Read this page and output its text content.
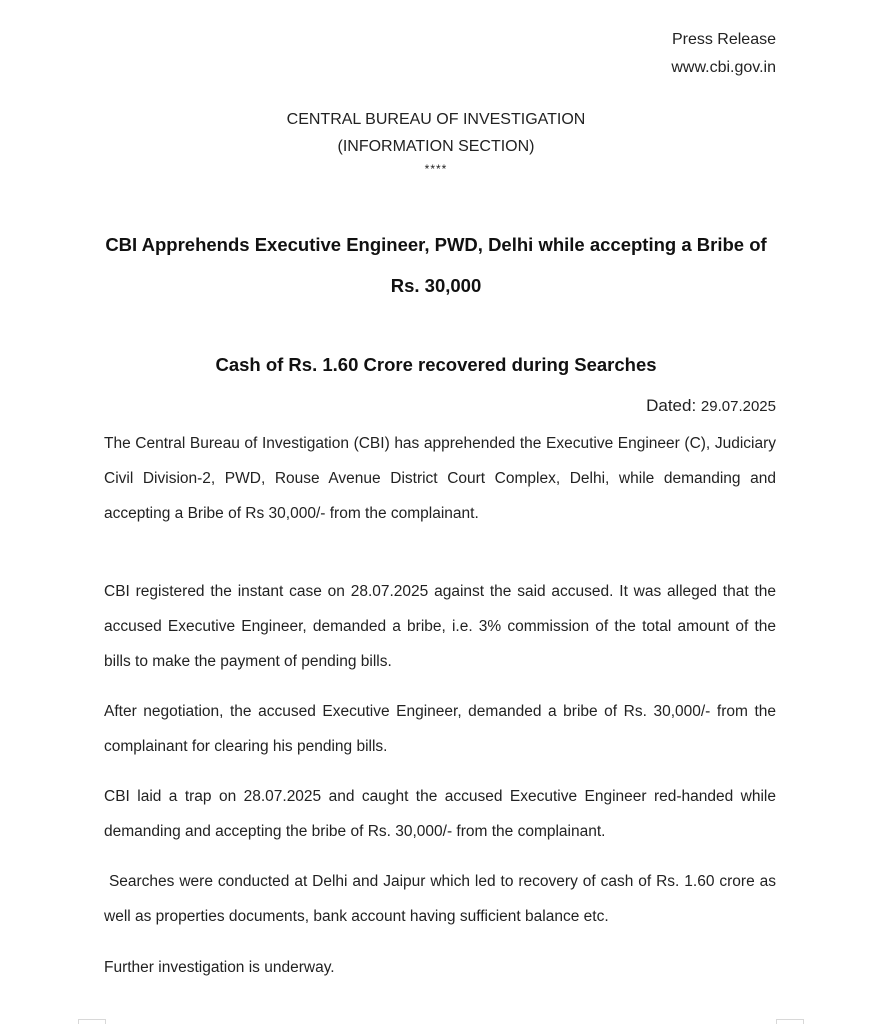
Press Release
www.cbi.gov.in
CENTRAL BUREAU OF INVESTIGATION
(INFORMATION SECTION)
****
CBI Apprehends Executive Engineer, PWD, Delhi while accepting a Bribe of
Rs. 30,000
Cash of Rs. 1.60 Crore recovered during Searches
Dated: 29.07.2025
The Central Bureau of Investigation (CBI) has apprehended the Executive Engineer (C), Judiciary Civil Division-2, PWD, Rouse Avenue District Court Complex, Delhi, while demanding and accepting a Bribe of Rs 30,000/- from the complainant.
CBI registered the instant case on 28.07.2025 against the said accused. It was alleged that the accused Executive Engineer, demanded a bribe, i.e. 3% commission of the total amount of the bills to make the payment of pending bills.
After negotiation, the accused Executive Engineer, demanded a bribe of Rs. 30,000/- from the complainant for clearing his pending bills.
CBI laid a trap on 28.07.2025 and caught the accused Executive Engineer red-handed while demanding and accepting the bribe of Rs. 30,000/- from the complainant.
Searches were conducted at Delhi and Jaipur which led to recovery of cash of Rs. 1.60 crore as well as properties documents, bank account having sufficient balance etc.
Further investigation is underway.
